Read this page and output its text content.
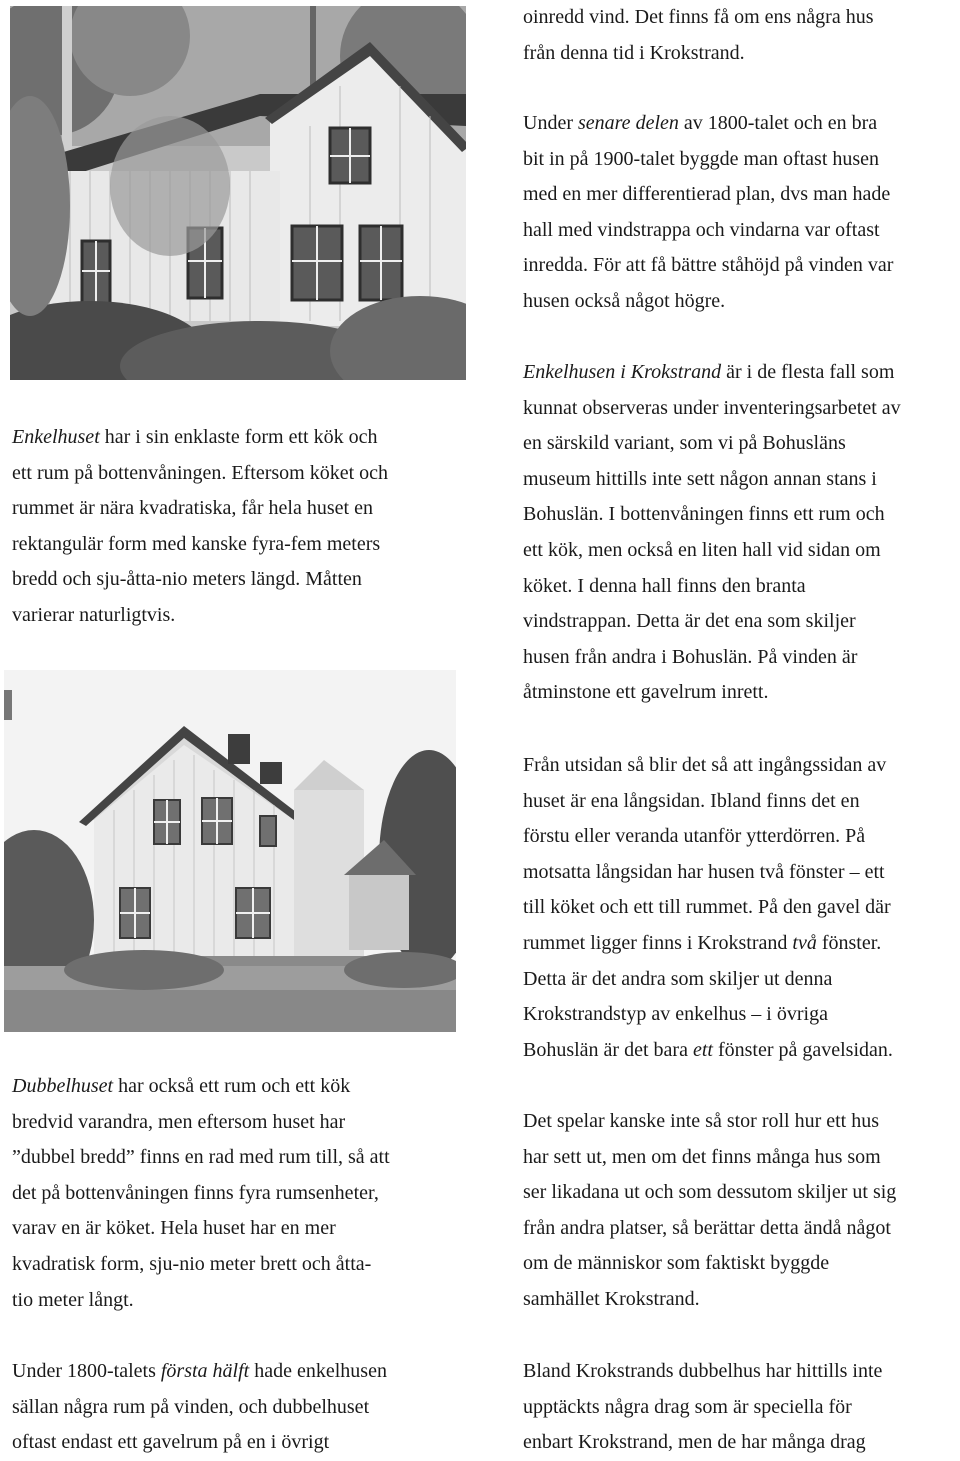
oinredd vind. Det finns få om ens några hus
från denna tid i Krokstrand.
Under senare delen av 1800-talet och en bra
bit in på 1900-talet byggde man oftast husen
med en mer differentierad plan, dvs man hade
hall med vindstrappa och vindarna var oftast
inredda. För att få bättre ståhöjd på vinden var
husen också något högre.
Enkelhusen i Krokstrand är i de flesta fall som
kunnat observeras under inventeringsarbetet av
en särskild variant, som vi på Bohusläns
museum hittills inte sett någon annan stans i
Bohuslän. I bottenvåningen finns ett rum och
ett kök, men också en liten hall vid sidan om
köket. I denna hall finns den branta
vindstrappan. Detta är det ena som skiljer
husen från andra i Bohuslän. På vinden är
åtminstone ett gavelrum inrett.
Från utsidan så blir det så att ingångssidan av
huset är ena långsidan. Ibland finns det en
förstu eller veranda utanför ytterdörren. På
motsatta långsidan har husen två fönster – ett
till köket och ett till rummet. På den gavel där
rummet ligger finns i Krokstrand två fönster.
Detta är det andra som skiljer ut denna
Krokstrandstyp av enkelhus – i övriga
Bohuslän är det bara ett fönster på gavelsidan.
Det spelar kanske inte så stor roll hur ett hus
har sett ut, men om det finns många hus som
ser likadana ut och som dessutom skiljer ut sig
från andra platser, så berättar detta ändå något
om de människor som faktiskt byggde
samhället Krokstrand.
Bland Krokstrands dubbelhus har hittills inte
upptäckts några drag som är speciella för
enbart Krokstrand, men de har många drag
Enkelhuset har i sin enklaste form ett kök och
ett rum på bottenvåningen. Eftersom köket och
rummet är nära kvadratiska, får hela huset en
rektangulär form med kanske fyra-fem meters
bredd och sju-åtta-nio meters längd. Måtten
varierar naturligtvis.
Dubbelhuset har också ett rum och ett kök
bredvid varandra, men eftersom huset har
”dubbel bredd” finns en rad med rum till, så att
det på bottenvåningen finns fyra rumsenheter,
varav en är köket. Hela huset har en mer
kvadratisk form, sju-nio meter brett och åtta-
tio meter långt.
Under 1800-talets första hälft hade enkelhusen
sällan några rum på vinden, och dubbelhuset
oftast endast ett gavelrum på en i övrigt
